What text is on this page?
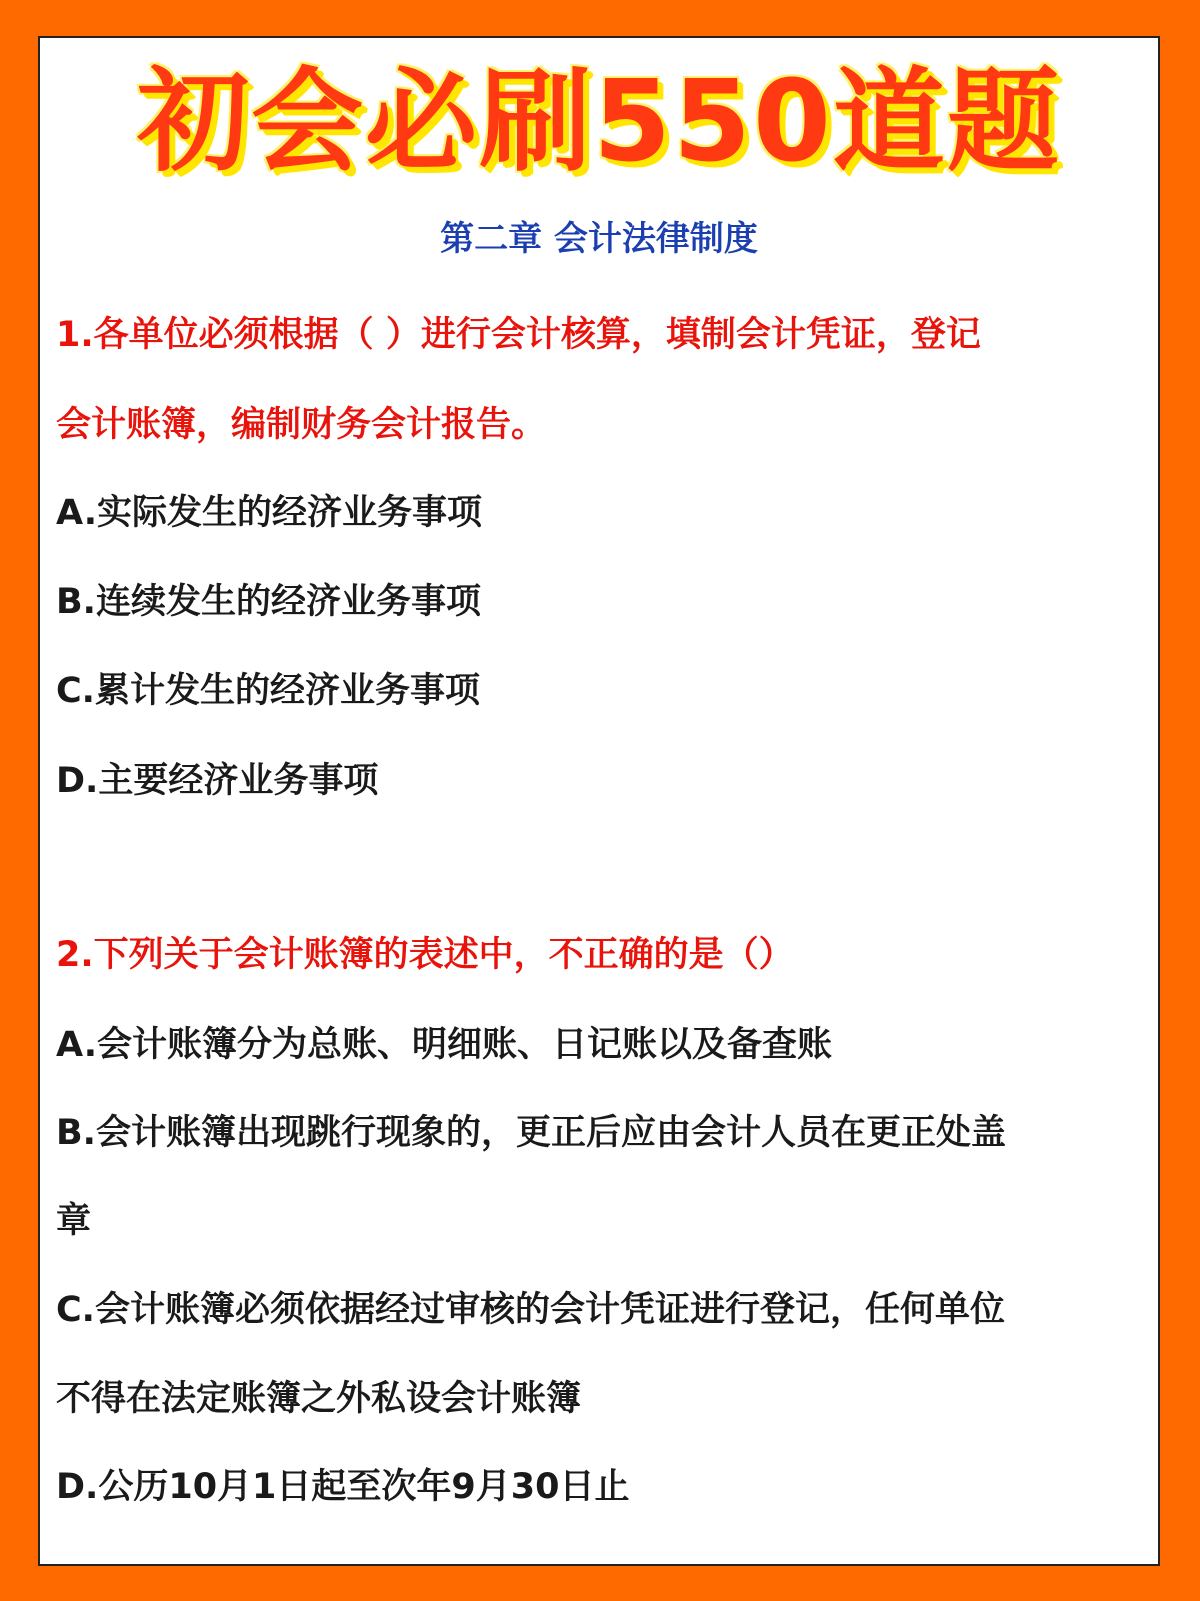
初会必刷550道题
第二章 会计法律制度
1.各单位必须根据（ ）进行会计核算，填制会计凭证，登记
会计账簿，编制财务会计报告。
A.实际发生的经济业务事项
B.连续发生的经济业务事项
C.累计发生的经济业务事项
D.主要经济业务事项
2.下列关于会计账簿的表述中，不正确的是（）
A.会计账簿分为总账、明细账、日记账以及备查账
B.会计账簿出现跳行现象的，更正后应由会计人员在更正处盖
章
C.会计账簿必须依据经过审核的会计凭证进行登记，任何单位
不得在法定账簿之外私设会计账簿
D.公历10月1日起至次年9月30日止
